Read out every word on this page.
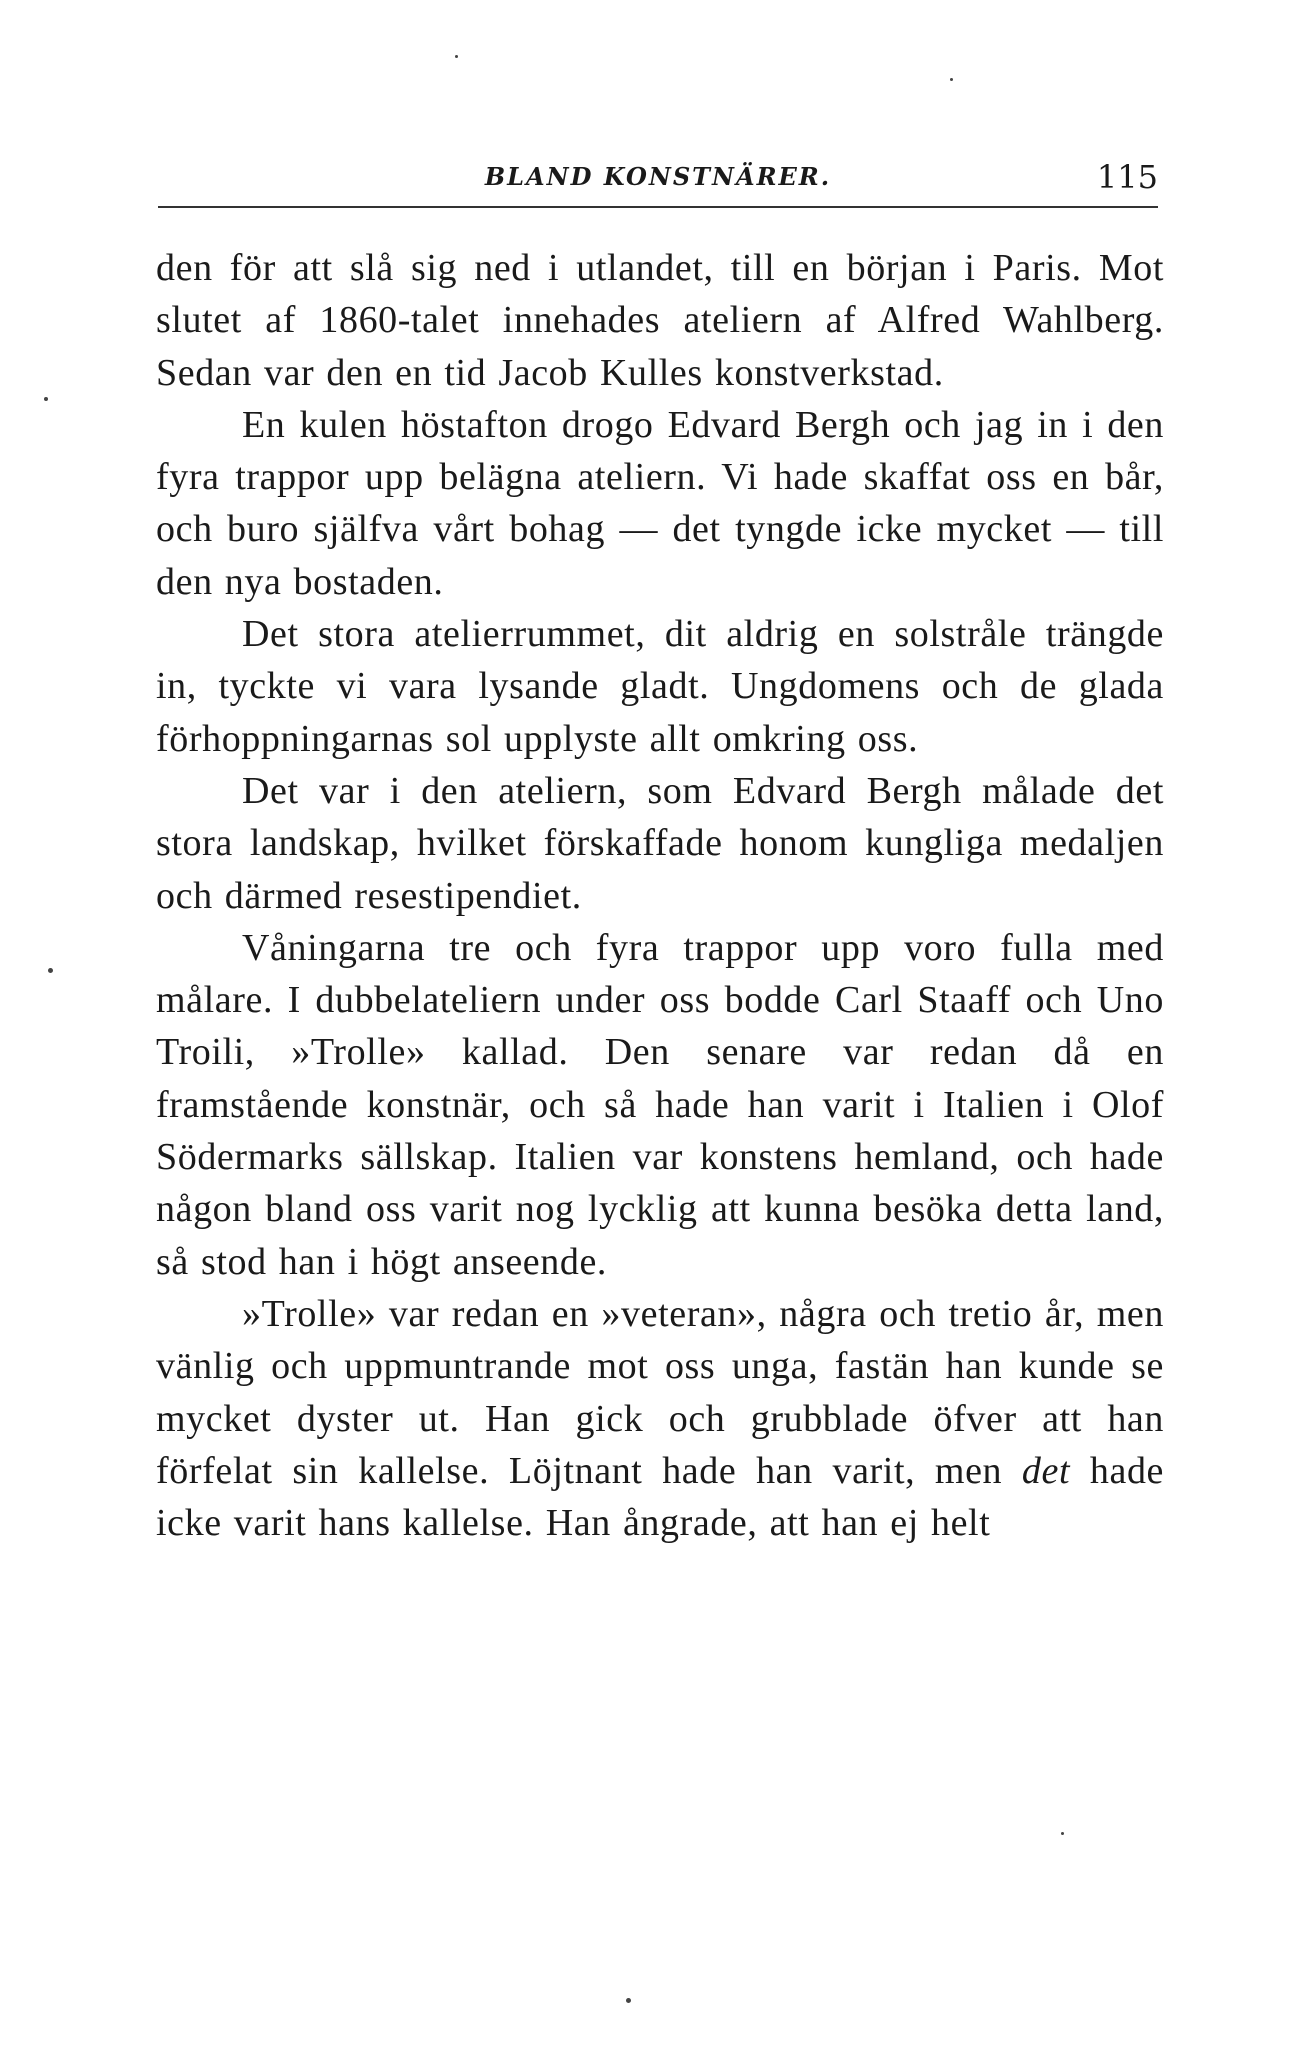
BLAND KONSTNÄRER.	115

den för att slå sig ned i utlandet, till en början i Paris. Mot slutet af 1860-talet innehades ateliern af Alfred Wahlberg. Sedan var den en tid Jacob Kulles konstverkstad.

En kulen höstafton drogo Edvard Bergh och jag in i den fyra trappor upp belägna ateliern. Vi hade skaffat oss en bår, och buro själfva vårt bohag — det tyngde icke mycket — till den nya bostaden.

Det stora atelierrummet, dit aldrig en solstråle trängde in, tyckte vi vara lysande gladt. Ungdomens och de glada förhoppningarnas sol upplyste allt omkring oss.

Det var i den ateliern, som Edvard Bergh målade det stora landskap, hvilket förskaffade honom kungliga medaljen och därmed resestipendiet.

Våningarna tre och fyra trappor upp voro fulla med målare. I dubbelateliern under oss bodde Carl Staaff och Uno Troili, »Trolle» kallad. Den senare var redan då en framstående konstnär, och så hade han varit i Italien i Olof Södermarks sällskap. Italien var konstens hemland, och hade någon bland oss varit nog lycklig att kunna besöka detta land, så stod han i högt anseende.

»Trolle» var redan en »veteran», några och tretio år, men vänlig och uppmuntrande mot oss unga, fastän han kunde se mycket dyster ut. Han gick och grubblade öfver att han förfelat sin kallelse. Löjtnant hade han varit, men det hade icke varit hans kallelse. Han ångrade, att han ej helt
